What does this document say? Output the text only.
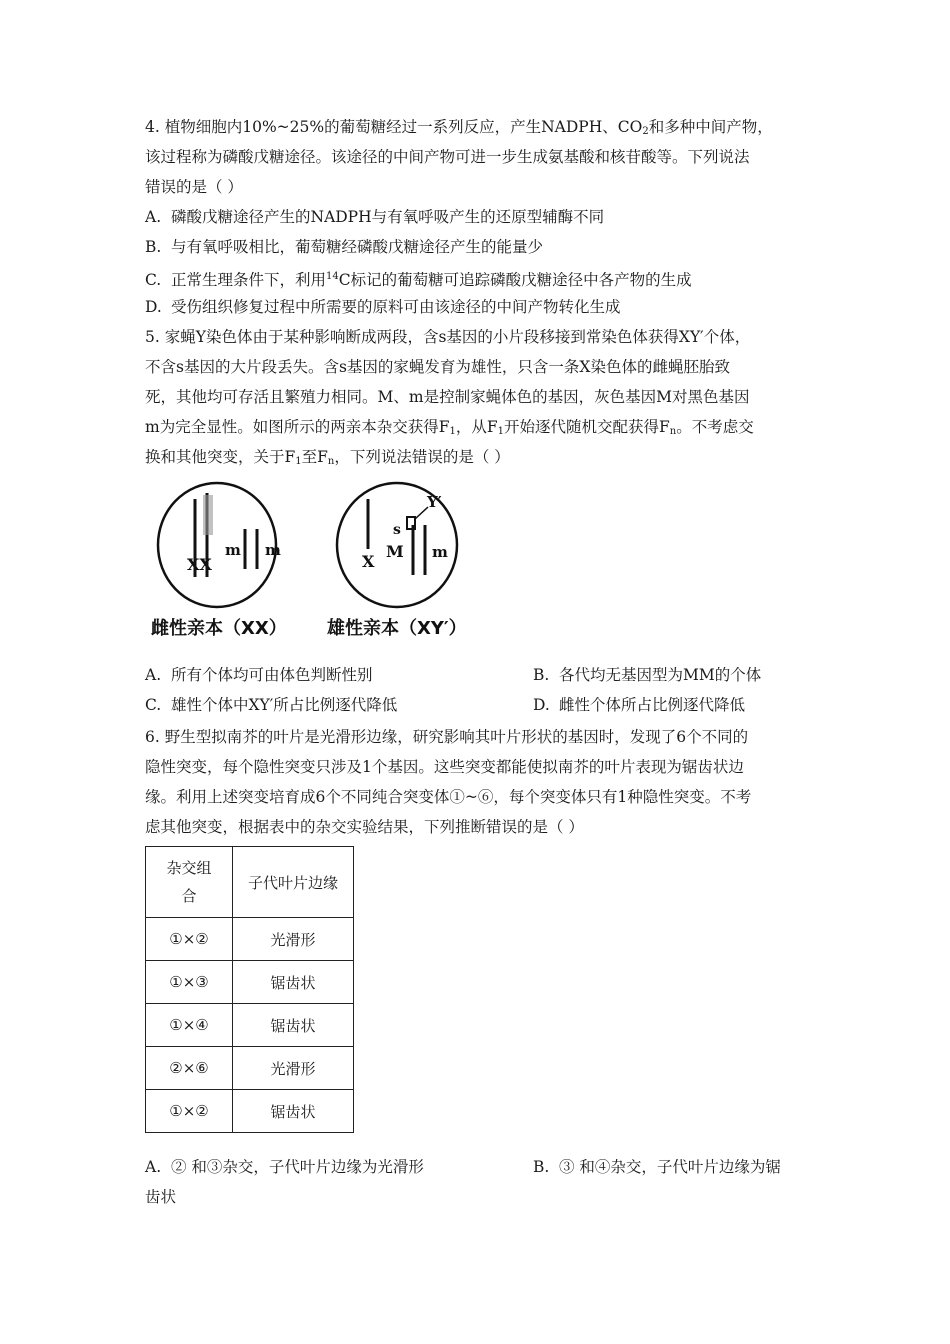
4. 植物细胞内10%~25%的葡萄糖经过一系列反应，产生NADPH、$CO_2$和多种中间产物，
该过程称为磷酸戊糖途径。该途径的中间产物可进一步生成氨基酸和核苷酸等。下列说法
错误的是（ ）
A. 磷酸戊糖途径产生的NADPH与有氧呼吸产生的还原型辅酶不同
B. 与有氧呼吸相比，葡萄糖经磷酸戊糖途径产生的能量少
C. 正常生理条件下，利用$^{14}$C标记的葡萄糖可追踪磷酸戊糖途径中各产物的生成
D. 受伤组织修复过程中所需要的原料可由该途径的中间产物转化生成
5. 家蝇Y染色体由于某种影响断成两段，含s基因的小片段移接到常染色体获得XY′个体，
不含s基因的大片段丢失。含s基因的家蝇发育为雄性，只含一条X染色体的雌蝇胚胎致
死，其他均可存活且繁殖力相同。M、m是控制家蝇体色的基因，灰色基因M对黑色基因
m为完全显性。如图所示的两亲本杂交获得$F_1$，从$F_1$开始逐代随机交配获得$F_n$。不考虑交
换和其他突变，关于$F_1$至$F_n$，下列说法错误的是（ ）
XX
m m
X
M
s
Y′
m
雌性亲本（XX） 雄性亲本（XY′）
A. 所有个体均可由体色判断性别	B. 各代均无基因型为MM的个体
C. 雄性个体中XY′所占比例逐代降低	D. 雌性个体所占比例逐代降低
6. 野生型拟南芥的叶片是光滑形边缘，研究影响其叶片形状的基因时，发现了6个不同的
隐性突变，每个隐性突变只涉及1个基因。这些突变都能使拟南芥的叶片表现为锯齿状边
缘。利用上述突变培育成6个不同纯合突变体①~⑥，每个突变体只有1种隐性突变。不考
虑其他突变，根据表中的杂交实验结果，下列推断错误的是（ ）
杂交组
合	子代叶片边缘
①×②	光滑形
①×③	锯齿状
①×④	锯齿状
②×⑥	光滑形
①×②	锯齿状
A. ② 和③杂交，子代叶片边缘为光滑形	B. ③ 和④杂交，子代叶片边缘为锯
齿状
